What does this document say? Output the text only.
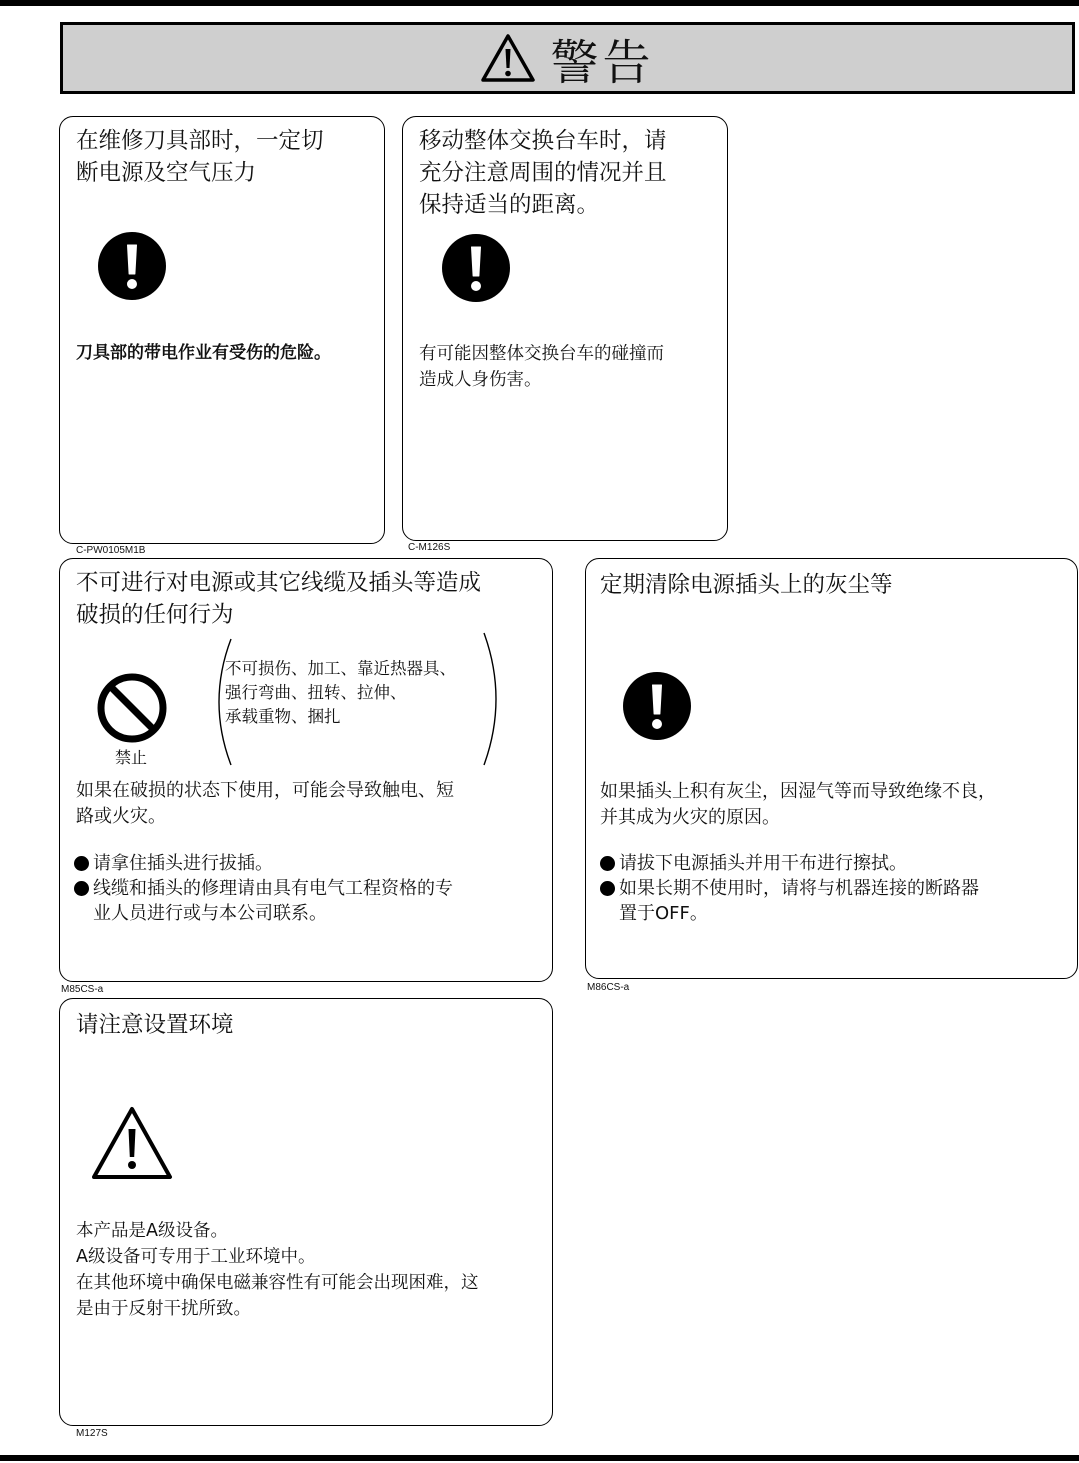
警告
在维修刀具部时，一定切
断电源及空气压力
刀具部的带电作业有受伤的危险。
C-PW0105M1B
移动整体交换台车时，请
充分注意周围的情况并且
保持适当的距离。
有可能因整体交换台车的碰撞而
造成人身伤害。
C-M126S
不可进行对电源或其它线缆及插头等造成
破损的任何行为
禁止
不可损伤、加工、靠近热器具、
强行弯曲、扭转、拉伸、
承载重物、捆扎
如果在破损的状态下使用，可能会导致触电、短
路或火灾。
请拿住插头进行拔插。
线缆和插头的修理请由具有电气工程资格的专
业人员进行或与本公司联系。
M85CS-a
定期清除电源插头上的灰尘等
如果插头上积有灰尘，因湿气等而导致绝缘不良，
并其成为火灾的原因。
请拔下电源插头并用干布进行擦拭。
如果长期不使用时，请将与机器连接的断路器
置于OFF。
M86CS-a
请注意设置环境
本产品是A级设备。
A级设备可专用于工业环境中。
在其他环境中确保电磁兼容性有可能会出现困难，这
是由于反射干扰所致。
M127S
